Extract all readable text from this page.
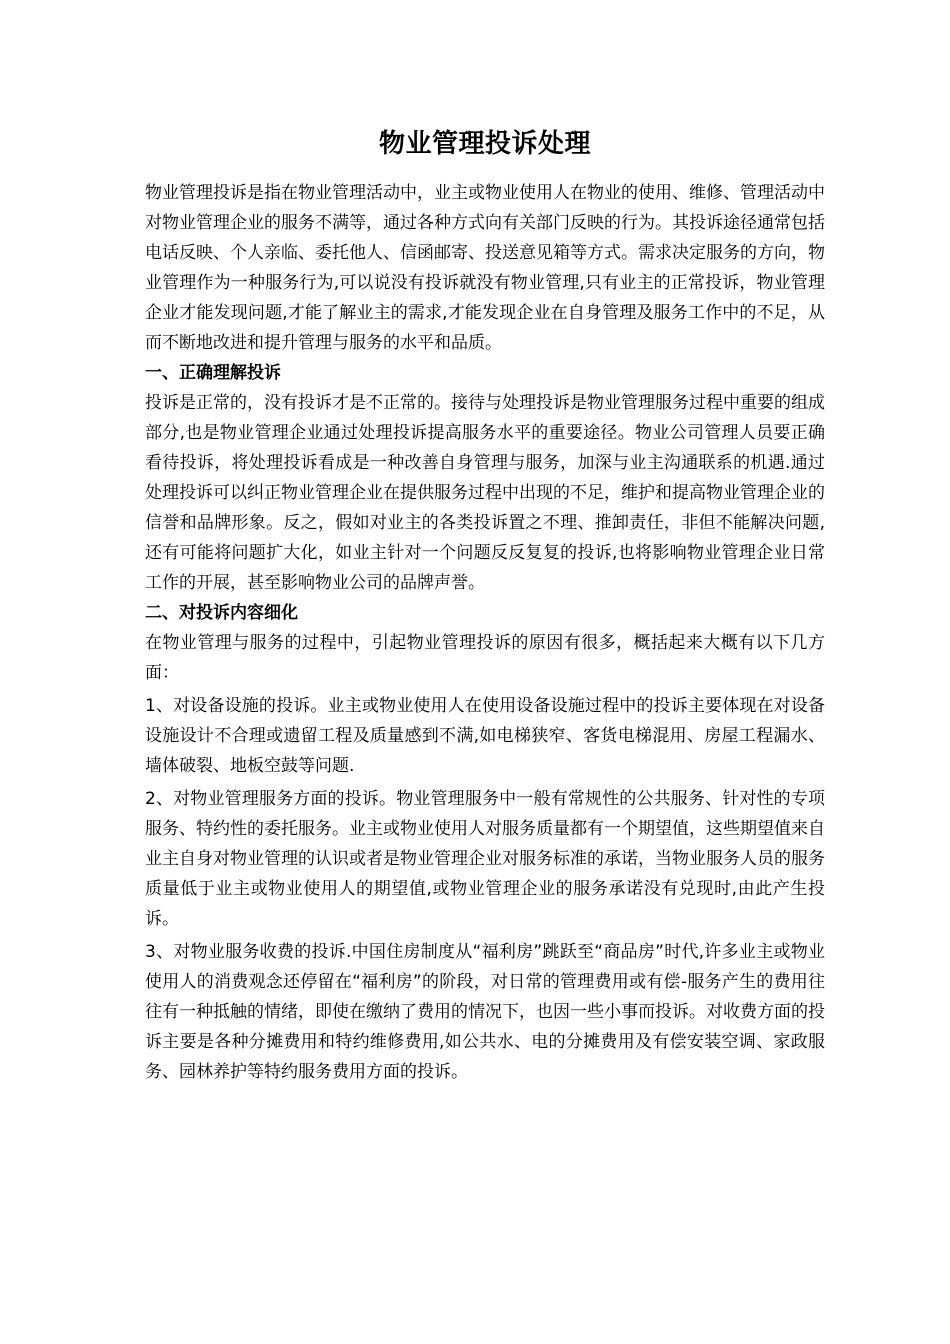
物业管理投诉处理

物业管理投诉是指在物业管理活动中，业主或物业使用人在物业的使用、维修、管理活动中对物业管理企业的服务不满等，通过各种方式向有关部门反映的行为。其投诉途径通常包括电话反映、个人亲临、委托他人、信函邮寄、投送意见箱等方式。需求决定服务的方向，物业管理作为一种服务行为,可以说没有投诉就没有物业管理,只有业主的正常投诉，物业管理企业才能发现问题,才能了解业主的需求,才能发现企业在自身管理及服务工作中的不足，从而不断地改进和提升管理与服务的水平和品质。

一、正确理解投诉

投诉是正常的，没有投诉才是不正常的。接待与处理投诉是物业管理服务过程中重要的组成部分,也是物业管理企业通过处理投诉提高服务水平的重要途径。物业公司管理人员要正确看待投诉，将处理投诉看成是一种改善自身管理与服务，加深与业主沟通联系的机遇.通过处理投诉可以纠正物业管理企业在提供服务过程中出现的不足，维护和提高物业管理企业的信誉和品牌形象。反之，假如对业主的各类投诉置之不理、推卸责任，非但不能解决问题,还有可能将问题扩大化，如业主针对一个问题反反复复的投诉,也将影响物业管理企业日常工作的开展，甚至影响物业公司的品牌声誉。

二、对投诉内容细化

在物业管理与服务的过程中，引起物业管理投诉的原因有很多，概括起来大概有以下几方面：

1、对设备设施的投诉。业主或物业使用人在使用设备设施过程中的投诉主要体现在对设备设施设计不合理或遗留工程及质量感到不满,如电梯狭窄、客货电梯混用、房屋工程漏水、墙体破裂、地板空鼓等问题.

2、对物业管理服务方面的投诉。物业管理服务中一般有常规性的公共服务、针对性的专项服务、特约性的委托服务。业主或物业使用人对服务质量都有一个期望值，这些期望值来自业主自身对物业管理的认识或者是物业管理企业对服务标准的承诺，当物业服务人员的服务质量低于业主或物业使用人的期望值,或物业管理企业的服务承诺没有兑现时,由此产生投诉。

3、对物业服务收费的投诉.中国住房制度从“福利房”跳跃至“商品房”时代,许多业主或物业使用人的消费观念还停留在“福利房”的阶段，对日常的管理费用或有偿-服务产生的费用往往有一种抵触的情绪，即使在缴纳了费用的情况下，也因一些小事而投诉。对收费方面的投诉主要是各种分摊费用和特约维修费用,如公共水、电的分摊费用及有偿安装空调、家政服务、园林养护等特约服务费用方面的投诉。
